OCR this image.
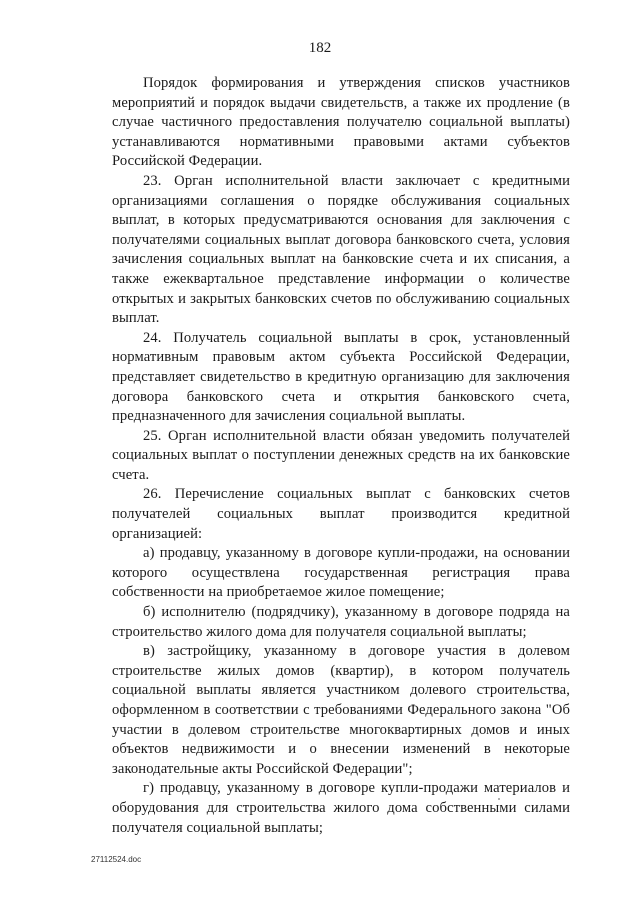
182

Порядок формирования и утверждения списков участников мероприятий и порядок выдачи свидетельств, а также их продление (в случае частичного предоставления получателю социальной выплаты) устанавливаются нормативными правовыми актами субъектов Российской Федерации.

23. Орган исполнительной власти заключает с кредитными организациями соглашения о порядке обслуживания социальных выплат, в которых предусматриваются основания для заключения с получателями социальных выплат договора банковского счета, условия зачисления социальных выплат на банковские счета и их списания, а также ежеквартальное представление информации о количестве открытых и закрытых банковских счетов по обслуживанию социальных выплат.

24. Получатель социальной выплаты в срок, установленный нормативным правовым актом субъекта Российской Федерации, представляет свидетельство в кредитную организацию для заключения договора банковского счета и открытия банковского счета, предназначенного для зачисления социальной выплаты.

25. Орган исполнительной власти обязан уведомить получателей социальных выплат о поступлении денежных средств на их банковские счета.

26. Перечисление социальных выплат с банковских счетов получателей социальных выплат производится кредитной организацией:

а) продавцу, указанному в договоре купли-продажи, на основании которого осуществлена государственная регистрация права собственности на приобретаемое жилое помещение;

б) исполнителю (подрядчику), указанному в договоре подряда на строительство жилого дома для получателя социальной выплаты;

в) застройщику, указанному в договоре участия в долевом строительстве жилых домов (квартир), в котором получатель социальной выплаты является участником долевого строительства, оформленном в соответствии с требованиями Федерального закона "Об участии в долевом строительстве многоквартирных домов и иных объектов недвижимости и о внесении изменений в некоторые законодательные акты Российской Федерации";

г) продавцу, указанному в договоре купли-продажи материалов и оборудования для строительства жилого дома собственными силами получателя социальной выплаты;

27112524.doc
